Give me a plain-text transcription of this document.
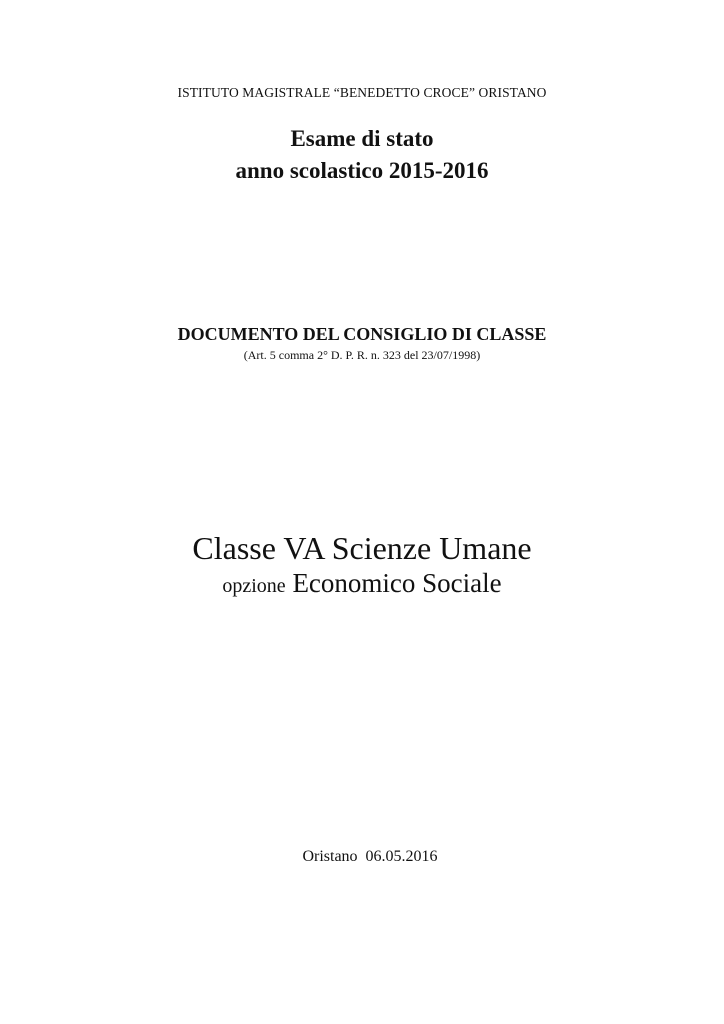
ISTITUTO MAGISTRALE “BENEDETTO CROCE” ORISTANO
Esame di stato
anno scolastico 2015-2016
DOCUMENTO DEL CONSIGLIO DI CLASSE
(Art. 5 comma 2° D. P. R. n. 323 del 23/07/1998)
Classe VA Scienze Umane
opzione Economico Sociale
Oristano  06.05.2016
